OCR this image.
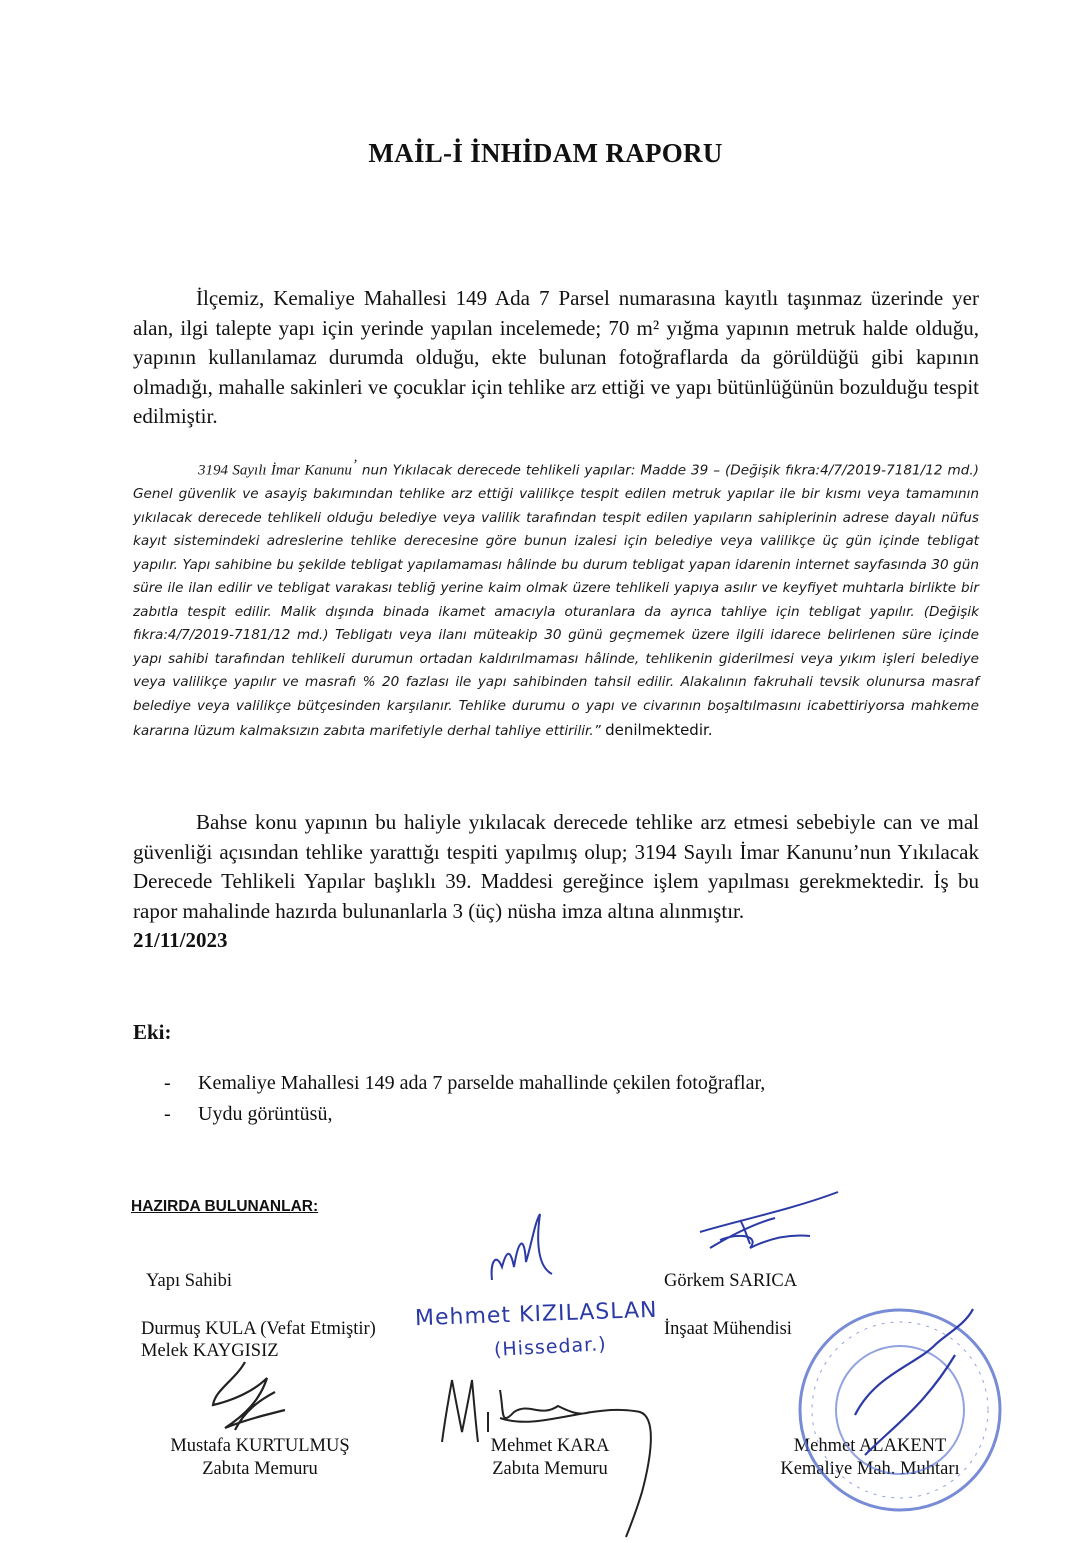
MAİL-İ İNHİDAM RAPORU

İlçemiz, Kemaliye Mahallesi 149 Ada 7 Parsel numarasına kayıtlı taşınmaz üzerinde yer alan, ilgi talepte yapı için yerinde yapılan incelemede; 70 m² yığma yapının metruk halde olduğu, yapının kullanılamaz durumda olduğu, ekte bulunan fotoğraflarda da görüldüğü gibi kapının olmadığı, mahalle sakinleri ve çocuklar için tehlike arz ettiği ve yapı bütünlüğünün bozulduğu tespit edilmiştir.

3194 Sayılı İmar Kanunu’ nun Yıkılacak derecede tehlikeli yapılar: Madde 39 – (Değişik fıkra:4/7/2019-7181/12 md.) Genel güvenlik ve asayiş bakımından tehlike arz ettiği valilikçe tespit edilen metruk yapılar ile bir kısmı veya tamamının yıkılacak derecede tehlikeli olduğu belediye veya valilik tarafından tespit edilen yapıların sahiplerinin adrese dayalı nüfus kayıt sistemindeki adreslerine tehlike derecesine göre bunun izalesi için belediye veya valilikçe üç gün içinde tebligat yapılır. Yapı sahibine bu şekilde tebligat yapılamaması hâlinde bu durum tebligat yapan idarenin internet sayfasında 30 gün süre ile ilan edilir ve tebligat varakası tebliğ yerine kaim olmak üzere tehlikeli yapıya asılır ve keyfiyet muhtarla birlikte bir zabıtla tespit edilir. Malik dışında binada ikamet amacıyla oturanlara da ayrıca tahliye için tebligat yapılır. (Değişik fıkra:4/7/2019-7181/12 md.) Tebligatı veya ilanı müteakip 30 günü geçmemek üzere ilgili idarece belirlenen süre içinde yapı sahibi tarafından tehlikeli durumun ortadan kaldırılmaması hâlinde, tehlikenin giderilmesi veya yıkım işleri belediye veya valilikçe yapılır ve masrafı % 20 fazlası ile yapı sahibinden tahsil edilir. Alakalının fakruhali tevsik olunursa masraf belediye veya valilikçe bütçesinden karşılanır. Tehlike durumu o yapı ve civarının boşaltılmasını icabettiriyorsa mahkeme kararına lüzum kalmaksızın zabıta marifetiyle derhal tahliye ettirilir.” denilmektedir.

Bahse konu yapının bu haliyle yıkılacak derecede tehlike arz etmesi sebebiyle can ve mal güvenliği açısından tehlike yarattığı tespiti yapılmış olup; 3194 Sayılı İmar Kanunu’nun Yıkılacak Derecede Tehlikeli Yapılar başlıklı 39. Maddesi gereğince işlem yapılması gerekmektedir. İş bu rapor mahalinde hazırda bulunanlarla 3 (üç) nüsha imza altına alınmıştır.
21/11/2023

Eki:
- Kemaliye Mahallesi 149 ada 7 parselde mahallinde çekilen fotoğraflar,
- Uydu görüntüsü,
HAZIRDA BULUNANLAR:
Yapı Sahibi
Durmuş KULA (Vefat Etmiştir)
Melek KAYGISIZ
Görkem SARICA
İnşaat Mühendisi
Mehmet KIZILASLAN
(Hissedar.)
Mustafa KURTULMUŞ
Zabıta Memuru
Mehmet KARA
Zabıta Memuru
Mehmet ALAKENT
Kemaliye Mah. Muhtarı
